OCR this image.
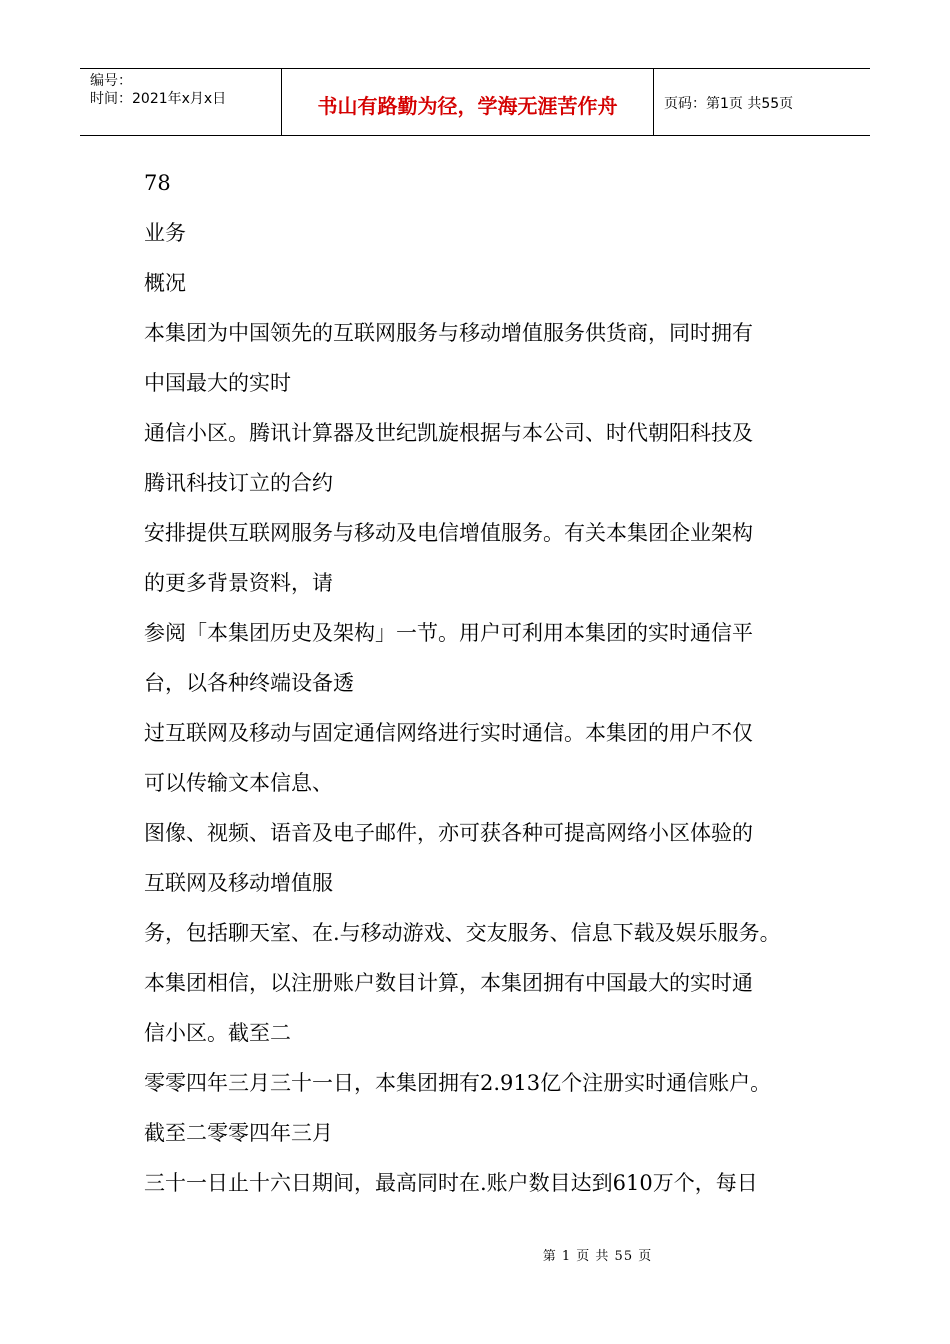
编号：
时间：2021年x月x日	书山有路勤为径，学海无涯苦作舟	页码：第1页 共55页

78

业务

概况

本集团为中国领先的互联网服务与移动增值服务供货商，同时拥有

中国最大的实时

通信小区。腾讯计算器及世纪凯旋根据与本公司、时代朝阳科技及

腾讯科技订立的合约

安排提供互联网服务与移动及电信增值服务。有关本集团企业架构

的更多背景资料，请

参阅「本集团历史及架构」一节。用户可利用本集团的实时通信平

台，以各种终端设备透

过互联网及移动与固定通信网络进行实时通信。本集团的用户不仅

可以传输文本信息、

图像、视频、语音及电子邮件，亦可获各种可提高网络小区体验的

互联网及移动增值服

务，包括聊天室、在.与移动游戏、交友服务、信息下载及娱乐服务。

本集团相信，以注册账户数目计算，本集团拥有中国最大的实时通

信小区。截至二

零零四年三月三十一日，本集团拥有2.913亿个注册实时通信账户。

截至二零零四年三月

三十一日止十六日期间，最高同时在.账户数目达到610万个，每日

第 1 页 共 55 页
